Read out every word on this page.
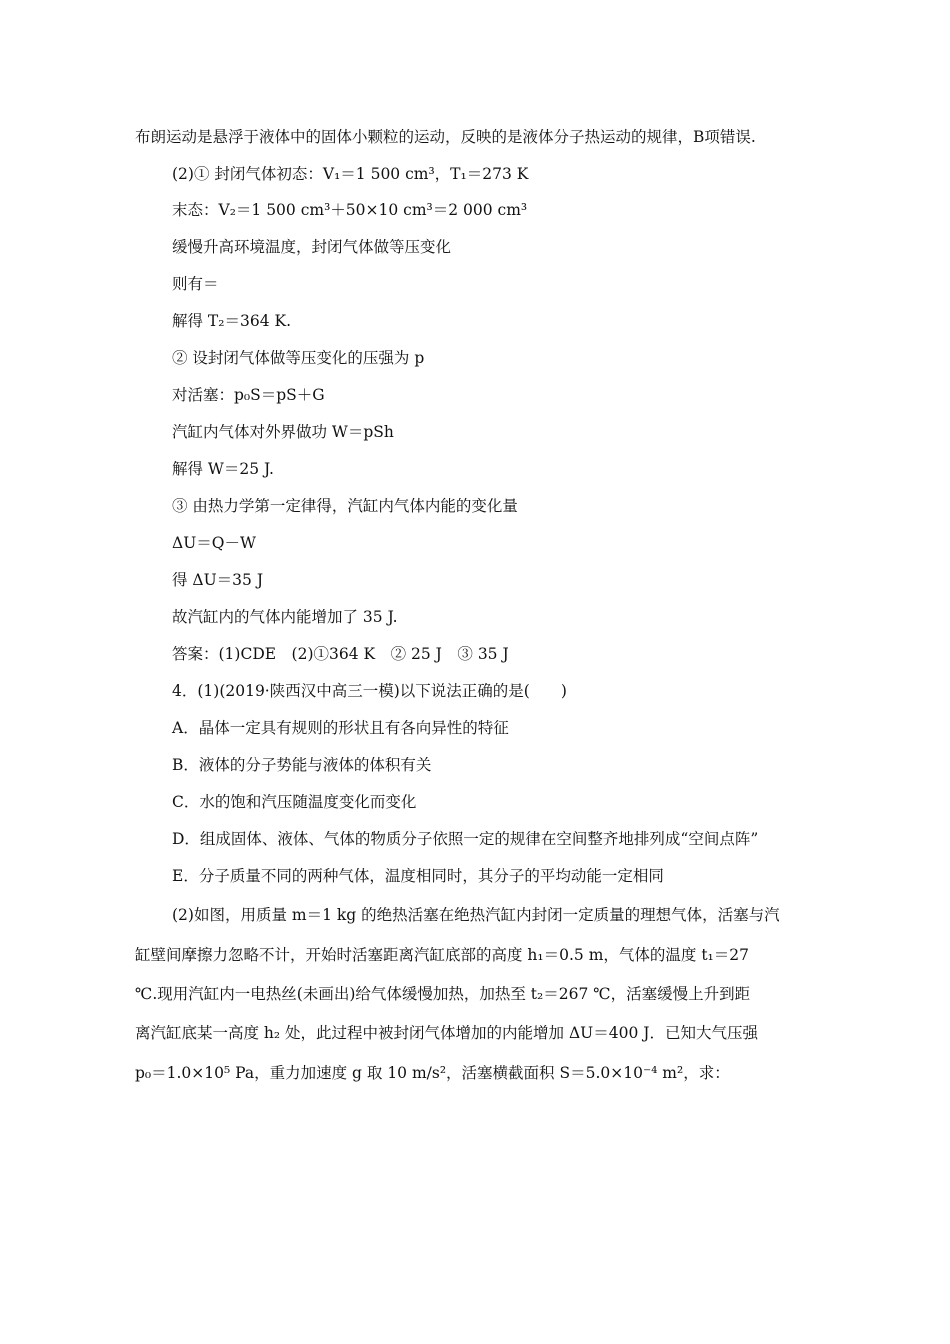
布朗运动是悬浮于液体中的固体小颗粒的运动，反映的是液体分子热运动的规律，B项错误.
(2)① 封闭气体初态：V₁＝1 500 cm³，T₁＝273 K
末态：V₂＝1 500 cm³＋50×10 cm³＝2 000 cm³
缓慢升高环境温度，封闭气体做等压变化
则有＝
解得 T₂＝364 K.
② 设封闭气体做等压变化的压强为 p
对活塞：p₀S＝pS＋G
汽缸内气体对外界做功 W＝pSh
解得 W＝25 J.
③ 由热力学第一定律得，汽缸内气体内能的变化量
ΔU＝Q－W
得 ΔU＝35 J
故汽缸内的气体内能增加了 35 J.
答案：(1)CDE　(2)①364 K　② 25 J　③ 35 J
4．(1)(2019·陕西汉中高三一模)以下说法正确的是(　　)
A．晶体一定具有规则的形状且有各向异性的特征
B．液体的分子势能与液体的体积有关
C．水的饱和汽压随温度变化而变化
D．组成固体、液体、气体的物质分子依照一定的规律在空间整齐地排列成“空间点阵”
E．分子质量不同的两种气体，温度相同时，其分子的平均动能一定相同
(2)如图，用质量 m＝1 kg 的绝热活塞在绝热汽缸内封闭一定质量的理想气体，活塞与汽
缸壁间摩擦力忽略不计，开始时活塞距离汽缸底部的高度 h₁＝0.5 m，气体的温度 t₁＝27
℃.现用汽缸内一电热丝(未画出)给气体缓慢加热，加热至 t₂＝267 ℃，活塞缓慢上升到距
离汽缸底某一高度 h₂ 处，此过程中被封闭气体增加的内能增加 ΔU＝400 J．已知大气压强
p₀＝1.0×10⁵ Pa，重力加速度 g 取 10 m/s²，活塞横截面积 S＝5.0×10⁻⁴ m²，求：
